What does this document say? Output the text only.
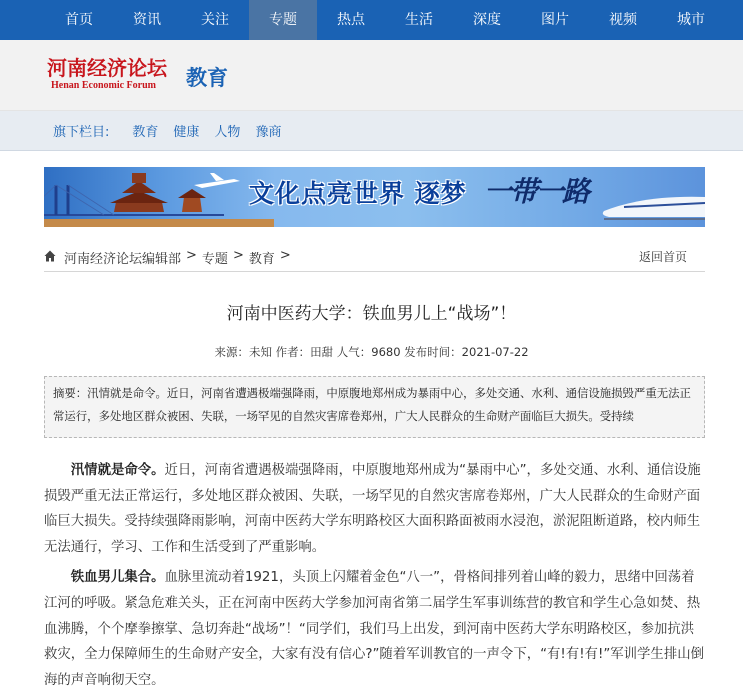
首页	资讯	关注	专题	热点	生活	深度	图片	视频	城市
河南经济论坛
Henan Economic Forum	教育
旗下栏目: 教育 健康 人物 豫商
文化点亮世界 逐梦 一带一路
河南经济论坛编辑部 > 专题 > 教育 >	返回首页
河南中医药大学：铁血男儿上“战场”！
来源：未知 作者：田甜 人气：9680 发布时间：2021-07-22
摘要：汛情就是命令。近日，河南省遭遇极端强降雨，中原腹地郑州成为暴雨中心，多处交通、水利、通信设施损毁严重无法正常运行，多处地区群众被困、失联，一场罕见的自然灾害席卷郑州，广大人民群众的生命财产面临巨大损失。受持续

汛情就是命令。近日，河南省遭遇极端强降雨，中原腹地郑州成为“暴雨中心”，多处交通、水利、通信设施损毁严重无法正常运行，多处地区群众被困、失联，一场罕见的自然灾害席卷郑州，广大人民群众的生命财产面临巨大损失。受持续强降雨影响，河南中医药大学东明路校区大面积路面被雨水浸泡，淤泥阻断道路，校内师生无法通行，学习、工作和生活受到了严重影响。

铁血男儿集合。血脉里流动着1921，头顶上闪耀着金色“八一”，骨格间排列着山峰的毅力，思绪中回荡着江河的呼吸。紧急危难关头，正在河南中医药大学参加河南省第二届学生军事训练营的教官和学生心急如焚、热血沸腾，个个摩拳擦掌、急切奔赴“战场”！“同学们，我们马上出发，到河南中医药大学东明路校区，参加抗洪救灾，全力保障师生的生命财产安全，大家有没有信心?”随着军训教官的一声令下，“有!有!有!”军训学生排山倒海的声音响彻天空。
